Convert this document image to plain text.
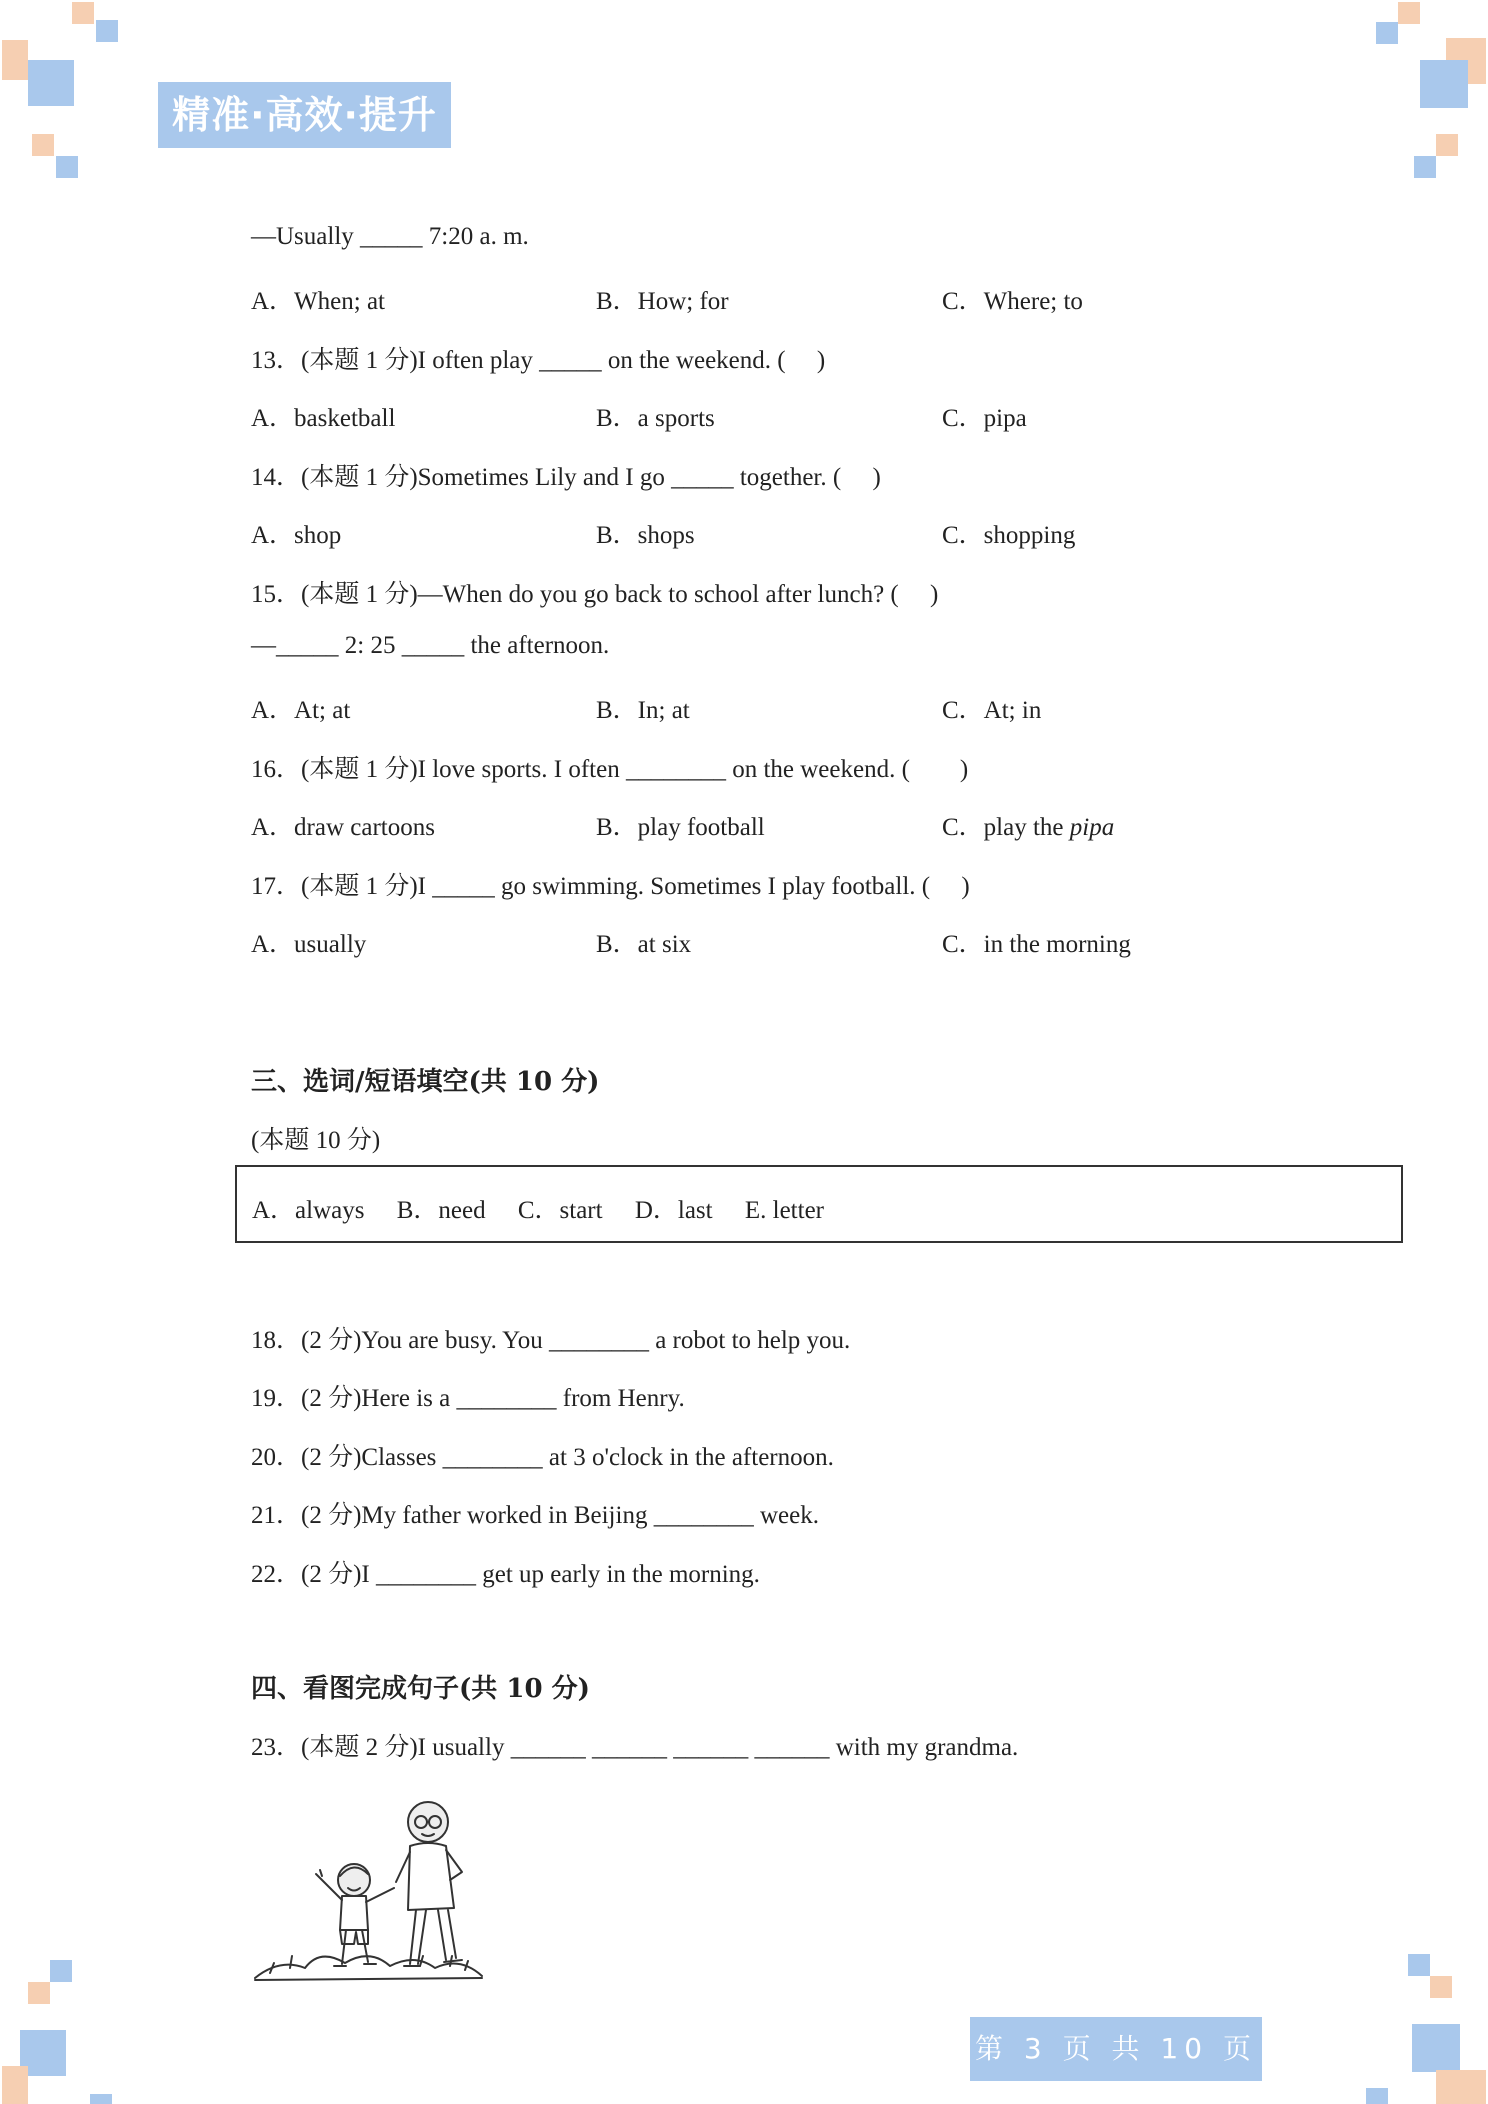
精准·高效·提升
—Usually _____ 7:20 a. m.
A．When; at	B．How; for	C．Where; to
13．(本题 1 分)I often play _____ on the weekend. (　 )
A．basketball	B．a sports	C．pipa
14．(本题 1 分)Sometimes Lily and I go _____ together. (　 )
A．shop	B．shops	C．shopping
15．(本题 1 分)—When do you go back to school after lunch? (　 )
—_____ 2: 25 _____ the afternoon.
A．At; at	B．In; at	C．At; in
16．(本题 1 分)I love sports. I often ________ on the weekend. (　　)
A．draw cartoons	B．play football	C．play the pipa
17．(本题 1 分)I _____ go swimming. Sometimes I play football. (　 )
A．usually	B．at six	C．in the morning
三、选词/短语填空(共 10 分)
(本题 10 分)
A．always B．need C．start D．last E. letter
18．(2 分)You are busy. You ________ a robot to help you.
19．(2 分)Here is a ________ from Henry.
20．(2 分)Classes ________ at 3 o'clock in the afternoon.
21．(2 分)My father worked in Beijing ________ week.
22．(2 分)I ________ get up early in the morning.
四、看图完成句子(共 10 分)
23．(本题 2 分)I usually ______ ______ ______ ______ with my grandma.
第 3 页 共 10 页
